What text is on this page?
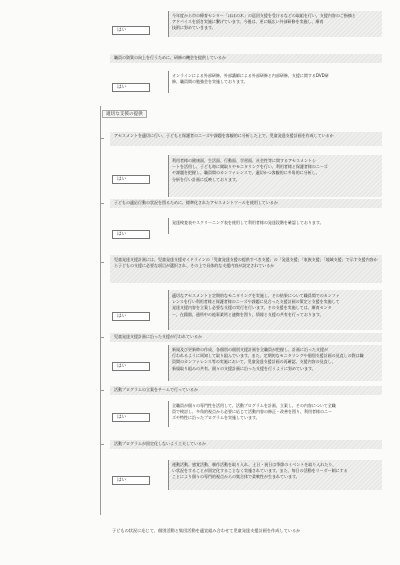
はい
今年度から市の療育センター「ほほの木」の巡回支援を受けるなどの取組を行い、支援内容のご指摘と
アドバイスを頂き実施に繋げています。今後は、更に幅広い外部研修を実施し、療育
技術に努めていきます。
職員の資質の向上を行うために、研修の機会を提供しているか
はい
オンラインによる外部研修、外部講師による外部研修と内部研修、支援に関するDVD研
修、職員間の勉強会を実施しております。
適切な支援の提供
アセスメントを適切に行い、子どもと保護者のニーズや課題を客観的に分析した上で、児童発達支援計画を作成しているか
はい
利用者様の健康面、生活面、行動面、学習面、社会性等に関するアセスメントシ
ートを活用し、子ども毎に聞取りやモニタリングを行い、利用者様と保護者様のニーズ
や課題を把握し、職員間のカンファレンスで、適切かつ客観的に多角的に分析し、
分析を行い計画に反映しております。
子どもの適応行動の状況を図るために、標準化されたアセスメントツールを使用しているか
はい
発達検査表やスクリーニング表を使用して利用者様の発達段階を確認しております。
児童発達支援計画には、児童発達支援ガイドラインの「児童発達支援の提供すべき支援」の「発達支援」「家族支援」「地域支援」で示す支援内容から子どもの支援に必要な項目が選択され、その上で具体的な支援内容が設定されているか
はい
適切なアセスメントと定期的なモニタリングを実施し、その結果について職員間でのカンファ
レンスを行い利用者様と保護者様のニーズや課題に見合った支援計画の策定と支援を実施して
発達支援内容を立案し必要な支援の実行を行います。その支援を実施しては、療育センタ
ー、在籍園、通所中の他事業所と連携を図り、情報と支援の共有を行っております。
児童発達支援計画に沿った支援が行われているか
はい
新規及び更新時の作成、各個別の個別支援計画を全職員が把握し、計画に沿った支援が
行われるように周知して取り組んでいます。また、定期的なモニタリングや個別支援計画の見直しの際は職
員間のカンファレンス等の実施において、児童発達支援計画の再確認、支援内容の見直し、
新規取り組みの共有、個々の支援計画に沿った支援を行うように努めています。
活動プログラムの立案をチームで行っているか
はい
全職員が個々の専門性を活用して、活動プログラムを計画、立案し、その内容について全職
員で検討し、多角的視点から必要に応じて活動内容の修正・改善を図り、利用者様のニー
ズや特性に沿ったプログラムを実施しています。
活動プログラムが固定化しないよう工夫しているか
はい
運動活動、感覚活動、制作活動を取り入れ、土日・祝日は季節のイベントを取り入れたり、
い状況をすることが固定化することなく実施されています。また、毎日の活動をリーダー制にする
ことにより個々の専門的視点からの集合体で柔軟性が生まれています。
子どもの状況に応じて、個別活動と集団活動を適宜組み合わせて児童発達支援計画を作成しているか
